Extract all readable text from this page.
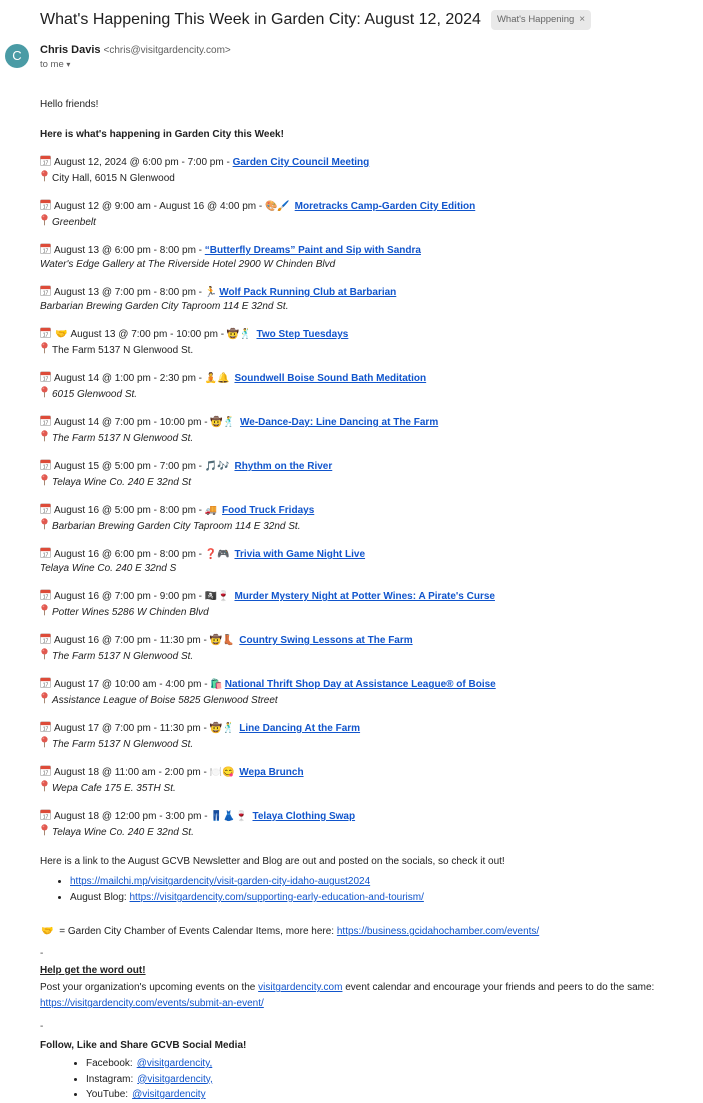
What's Happening This Week in Garden City: August 12, 2024 What's Happening ×
C	Chris Davis <chris@visitgardencity.com>
to me ▾

Hello friends!

Here is what's happening in Garden City this Week!

17 August 12, 2024 @ 6:00 pm - 7:00 pm - Garden City Council Meeting
City Hall, 6015 N Glenwood
17 August 12 @ 9:00 am - August 16 @ 4:00 pm - 🎨🖌️ Moretracks Camp-Garden City Edition
Greenbelt
17 August 13 @ 6:00 pm - 8:00 pm - “Butterfly Dreams” Paint and Sip with Sandra
Water's Edge Gallery at The Riverside Hotel 2900 W Chinden Blvd
17 August 13 @ 7:00 pm - 8:00 pm - 🏃 Wolf Pack Running Club at Barbarian
Barbarian Brewing Garden City Taproom 114 E 32nd St.
17 🤝 August 13 @ 7:00 pm - 10:00 pm - 🤠🕺 Two Step Tuesdays
The Farm 5137 N Glenwood St.
17 August 14 @ 1:00 pm - 2:30 pm - 🧘🔔 Soundwell Boise Sound Bath Meditation
6015 Glenwood St.
17 August 14 @ 7:00 pm - 10:00 pm - 🤠🕺 We-Dance-Day: Line Dancing at The Farm
The Farm 5137 N Glenwood St.
17 August 15 @ 5:00 pm - 7:00 pm - 🎵🎶 Rhythm on the River
Telaya Wine Co. 240 E 32nd St
17 August 16 @ 5:00 pm - 8:00 pm - 🚚 Food Truck Fridays
Barbarian Brewing Garden City Taproom 114 E 32nd St.
17 August 16 @ 6:00 pm - 8:00 pm - ❓🎮 Trivia with Game Night Live
Telaya Wine Co. 240 E 32nd S
17 August 16 @ 7:00 pm - 9:00 pm - 🏴‍☠️🍷 Murder Mystery Night at Potter Wines: A Pirate's Curse
Potter Wines 5286 W Chinden Blvd
17 August 16 @ 7:00 pm - 11:30 pm - 🤠👢 Country Swing Lessons at The Farm
The Farm 5137 N Glenwood St.
17 August 17 @ 10:00 am - 4:00 pm - 🛍️ National Thrift Shop Day at Assistance League® of Boise
Assistance League of Boise 5825 Glenwood Street
17 August 17 @ 7:00 pm - 11:30 pm - 🤠🕺 Line Dancing At the Farm
The Farm 5137 N Glenwood St.
17 August 18 @ 11:00 am - 2:00 pm - 🍽️😋 Wepa Brunch
Wepa Cafe 175 E. 35TH St.
17 August 18 @ 12:00 pm - 3:00 pm - 👖👗🍷 Telaya Clothing Swap
Telaya Wine Co. 240 E 32nd St.

Here is a link to the August GCVB Newsletter and Blog are out and posted on the socials, so check it out!

• https://mailchi.mp/visitgardencity/visit-garden-city-idaho-august2024
• August Blog: https://visitgardencity.com/supporting-early-education-and-tourism/

🤝 = Garden City Chamber of Events Calendar Items, more here: https://business.gcidahochamber.com/events/

-

Help get the word out!

Post your organization's upcoming events on the visitgardencity.com event calendar and encourage your friends and peers to do the same:

https://visitgardencity.com/events/submit-an-event/

-

Follow, Like and Share GCVB Social Media!

• Facebook: @visitgardencity,
• Instagram: @visitgardencity,
• YouTube: @visitgardencity
